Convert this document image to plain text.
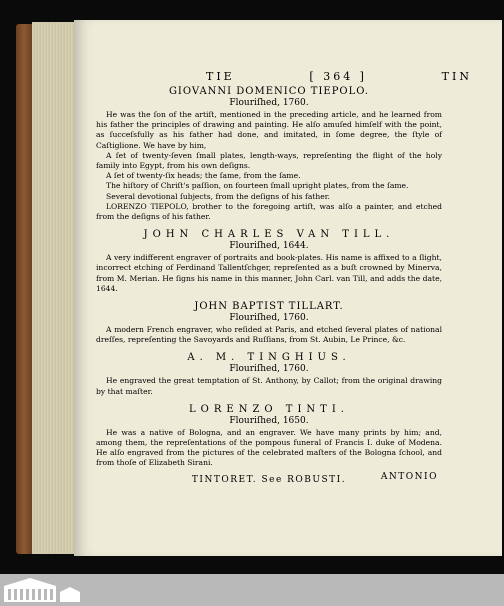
TIE	[ 364 ]	TIN

GIOVANNI DOMENICO TIEPOLO.

Flouriſhed, 1760.

He was the ſon of the artiſt, mentioned in the preceding article, and he learned from his father the principles of drawing and painting. He alſo amuſed himſelf with the point, as ſucceſsfully as his father had done, and imitated, in ſome degree, the ſtyle of Caſtiglione. We have by him,

A ſet of twenty-ſeven ſmall plates, length-ways, repreſenting the flight of the holy family into Egypt, from his own deſigns.

A ſet of twenty-ſix heads; the ſame, from the ſame.

The hiſtory of Chriſt's paſſion, on fourteen ſmall upright plates, from the ſame.

Several devotional ſubjects, from the deſigns of his father.

LORENZO TIEPOLO, brother to the foregoing artiſt, was alſo a painter, and etched from the deſigns of his father.

JOHN CHARLES VAN TILL.

Flouriſhed, 1644.

A very indifferent engraver of portraits and book-plates. His name is affixed to a ſlight, incorrect etching of Ferdinand Tallentſchger, repreſented as a buſt crowned by Minerva, from M. Merian. He ſigns his name in this manner, John Carl. van Till, and adds the date, 1644.

JOHN BAPTIST TILLART.

Flouriſhed, 1760.

A modern French engraver, who reſided at Paris, and etched ſeveral plates of national dreſſes, repreſenting the Savoyards and Ruſſians, from St. Aubin, Le Prince, &c.

A. M. TINGHIUS.

Flouriſhed, 1760.

He engraved the great temptation of St. Anthony, by Callot; from the original drawing by that maſter.

LORENZO TINTI.

Flouriſhed, 1650.

He was a native of Bologna, and an engraver. We have many prints by him; and, among them, the repreſentations of the pompous funeral of Francis I. duke of Modena. He alſo engraved from the pictures of the celebrated maſters of the Bologna ſchool, and from thoſe of Elizabeth Sirani.

TINTORET. See ROBUSTI.	ANTONIO
